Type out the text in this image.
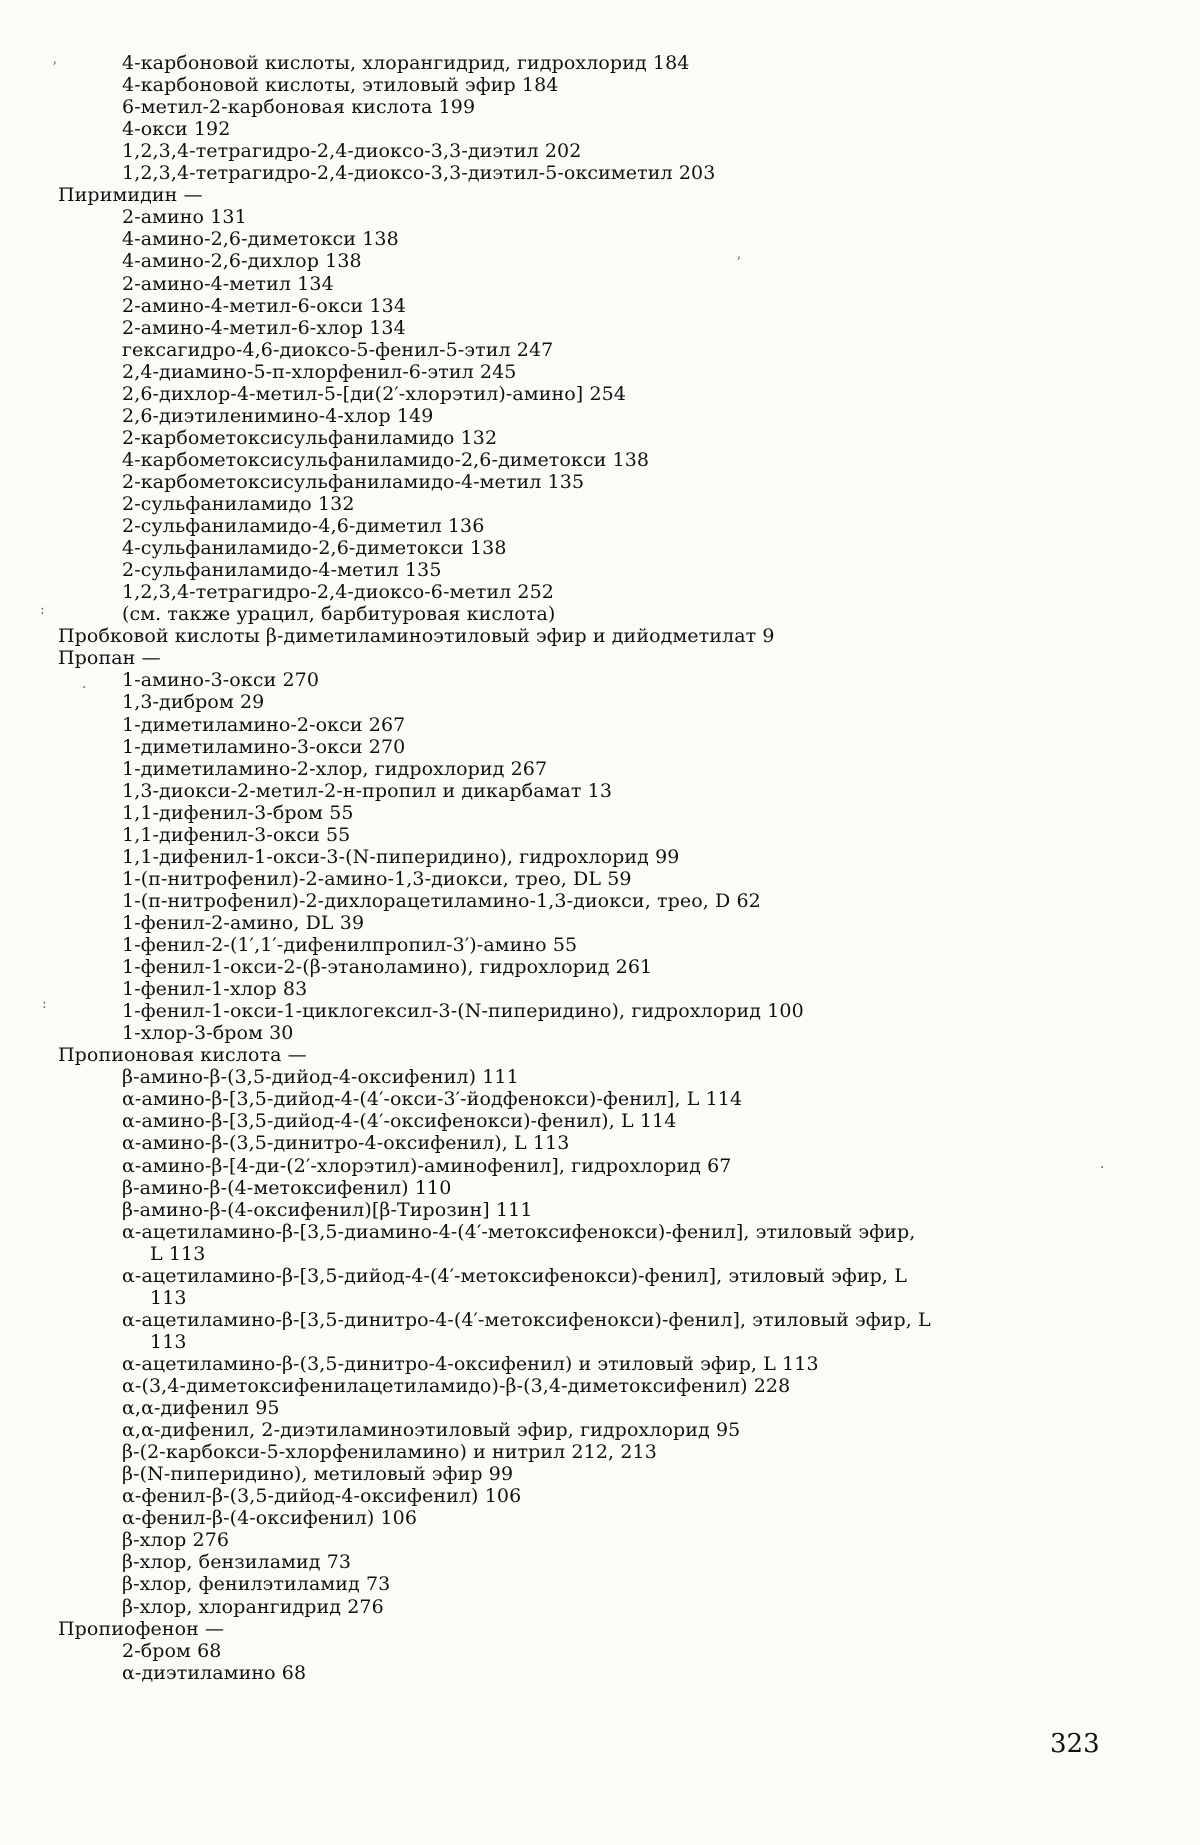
4-карбоновой кислоты, хлорангидрид, гидрохлорид 184
4-карбоновой кислоты, этиловый эфир 184
6-метил-2-карбоновая кислота 199
4-окси 192
1,2,3,4-тетрагидро-2,4-диоксо-3,3-диэтил 202
1,2,3,4-тетрагидро-2,4-диоксо-3,3-диэтил-5-оксиметил 203
Пиримидин —
2-амино 131
4-амино-2,6-диметокси 138
4-амино-2,6-дихлор 138
2-амино-4-метил 134
2-амино-4-метил-6-окси 134
2-амино-4-метил-6-хлор 134
гексагидро-4,6-диоксо-5-фенил-5-этил 247
2,4-диамино-5-п-хлорфенил-6-этил 245
2,6-дихлор-4-метил-5-[ди(2′-хлорэтил)-амино] 254
2,6-диэтиленимино-4-хлор 149
2-карбометоксисульфаниламидо 132
4-карбометоксисульфаниламидо-2,6-диметокси 138
2-карбометоксисульфаниламидо-4-метил 135
2-сульфаниламидо 132
2-сульфаниламидо-4,6-диметил 136
4-сульфаниламидо-2,6-диметокси 138
2-сульфаниламидо-4-метил 135
1,2,3,4-тетрагидро-2,4-диоксо-6-метил 252
(см. также урацил, барбитуровая кислота)
Пробковой кислоты β-диметиламиноэтиловый эфир и дийодметилат 9
Пропан —
1-амино-3-окси 270
1,3-дибром 29
1-диметиламино-2-окси 267
1-диметиламино-3-окси 270
1-диметиламино-2-хлор, гидрохлорид 267
1,3-диокси-2-метил-2-н-пропил и дикарбамат 13
1,1-дифенил-3-бром 55
1,1-дифенил-3-окси 55
1,1-дифенил-1-окси-3-(N-пиперидино), гидрохлорид 99
1-(п-нитрофенил)-2-амино-1,3-диокси, трео, DL 59
1-(п-нитрофенил)-2-дихлорацетиламино-1,3-диокси, трео, D 62
1-фенил-2-амино, DL 39
1-фенил-2-(1′,1′-дифенилпропил-3′)-амино 55
1-фенил-1-окси-2-(β-этаноламино), гидрохлорид 261
1-фенил-1-хлор 83
1-фенил-1-окси-1-циклогексил-3-(N-пиперидино), гидрохлорид 100
1-хлор-3-бром 30
Пропионовая кислота —
β-амино-β-(3,5-дийод-4-оксифенил) 111
α-амино-β-[3,5-дийод-4-(4′-окси-3′-йодфенокси)-фенил], L 114
α-амино-β-[3,5-дийод-4-(4′-оксифенокси)-фенил), L 114
α-амино-β-(3,5-динитро-4-оксифенил), L 113
α-амино-β-[4-ди-(2′-хлорэтил)-аминофенил], гидрохлорид 67
β-амино-β-(4-метоксифенил) 110
β-амино-β-(4-оксифенил)[β-Тирозин] 111
α-ацетиламино-β-[3,5-диамино-4-(4′-метоксифенокси)-фенил], этиловый эфир,
L 113
α-ацетиламино-β-[3,5-дийод-4-(4′-метоксифенокси)-фенил], этиловый эфир, L
113
α-ацетиламино-β-[3,5-динитро-4-(4′-метоксифенокси)-фенил], этиловый эфир, L
113
α-ацетиламино-β-(3,5-динитро-4-оксифенил) и этиловый эфир, L 113
α-(3,4-диметоксифенилацетиламидо)-β-(3,4-диметоксифенил) 228
α,α-дифенил 95
α,α-дифенил, 2-диэтиламиноэтиловый эфир, гидрохлорид 95
β-(2-карбокси-5-хлорфениламино) и нитрил 212, 213
β-(N-пиперидино), метиловый эфир 99
α-фенил-β-(3,5-дийод-4-оксифенил) 106
α-фенил-β-(4-оксифенил) 106
β-хлор 276
β-хлор, бензиламид 73
β-хлор, фенилэтиламид 73
β-хлор, хлорангидрид 276
Пропиофенон —
2-бром 68
α-диэтиламино 68
ʼ
:
·
:
ʼ
·
323
